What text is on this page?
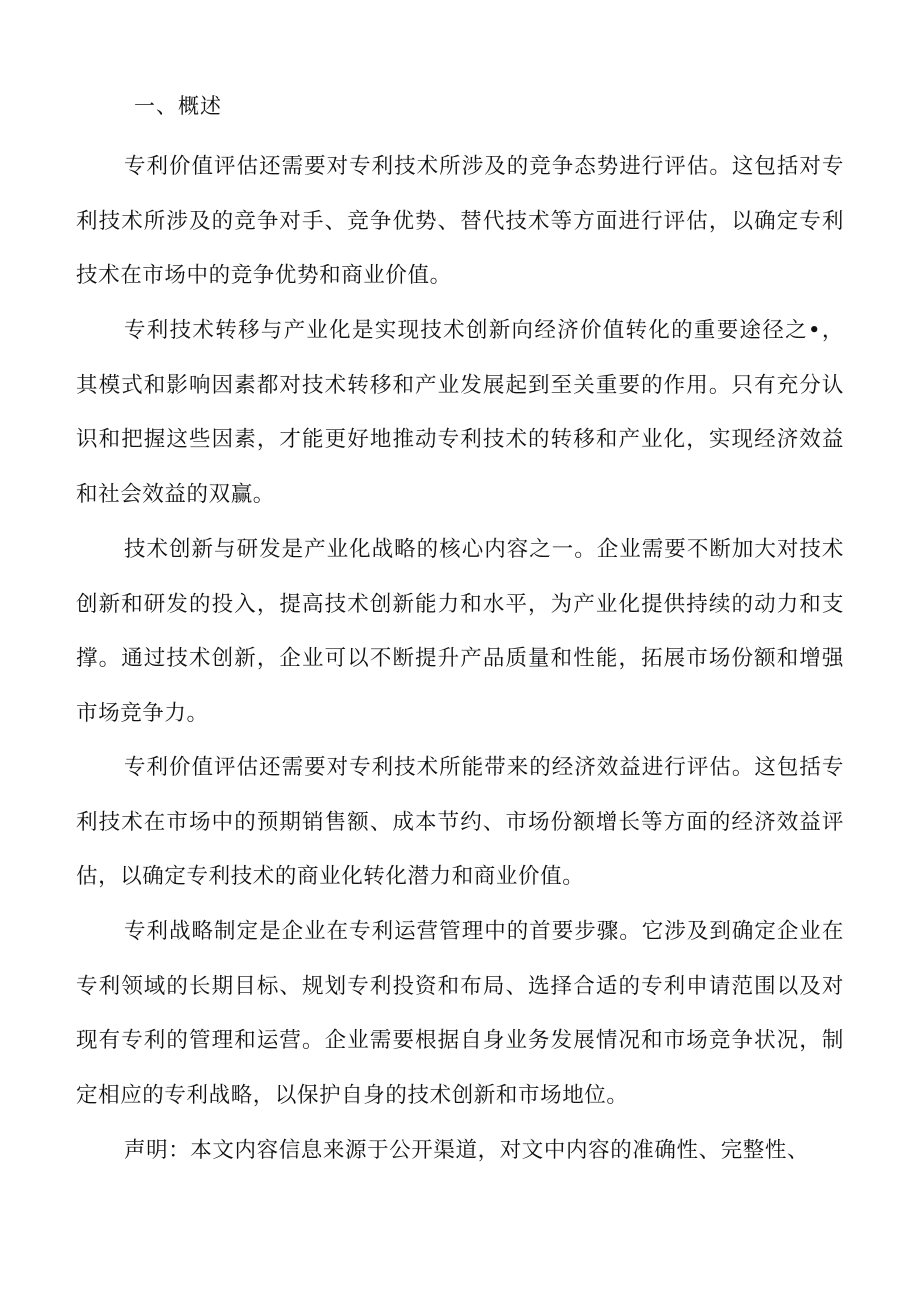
一、概述

专利价值评估还需要对专利技术所涉及的竞争态势进行评估。这包括对专利技术所涉及的竞争对手、竞争优势、替代技术等方面进行评估，以确定专利技术在市场中的竞争优势和商业价值。

专利技术转移与产业化是实现技术创新向经济价值转化的重要途径之•，其模式和影响因素都对技术转移和产业发展起到至关重要的作用。只有充分认识和把握这些因素，才能更好地推动专利技术的转移和产业化，实现经济效益和社会效益的双赢。

技术创新与研发是产业化战略的核心内容之一。企业需要不断加大对技术创新和研发的投入，提高技术创新能力和水平，为产业化提供持续的动力和支撑。通过技术创新，企业可以不断提升产品质量和性能，拓展市场份额和增强市场竞争力。

专利价值评估还需要对专利技术所能带来的经济效益进行评估。这包括专利技术在市场中的预期销售额、成本节约、市场份额增长等方面的经济效益评估，以确定专利技术的商业化转化潜力和商业价值。

专利战略制定是企业在专利运营管理中的首要步骤。它涉及到确定企业在专利领域的长期目标、规划专利投资和布局、选择合适的专利申请范围以及对现有专利的管理和运营。企业需要根据自身业务发展情况和市场竞争状况，制定相应的专利战略，以保护自身的技术创新和市场地位。

声明：本文内容信息来源于公开渠道，对文中内容的准确性、完整性、
